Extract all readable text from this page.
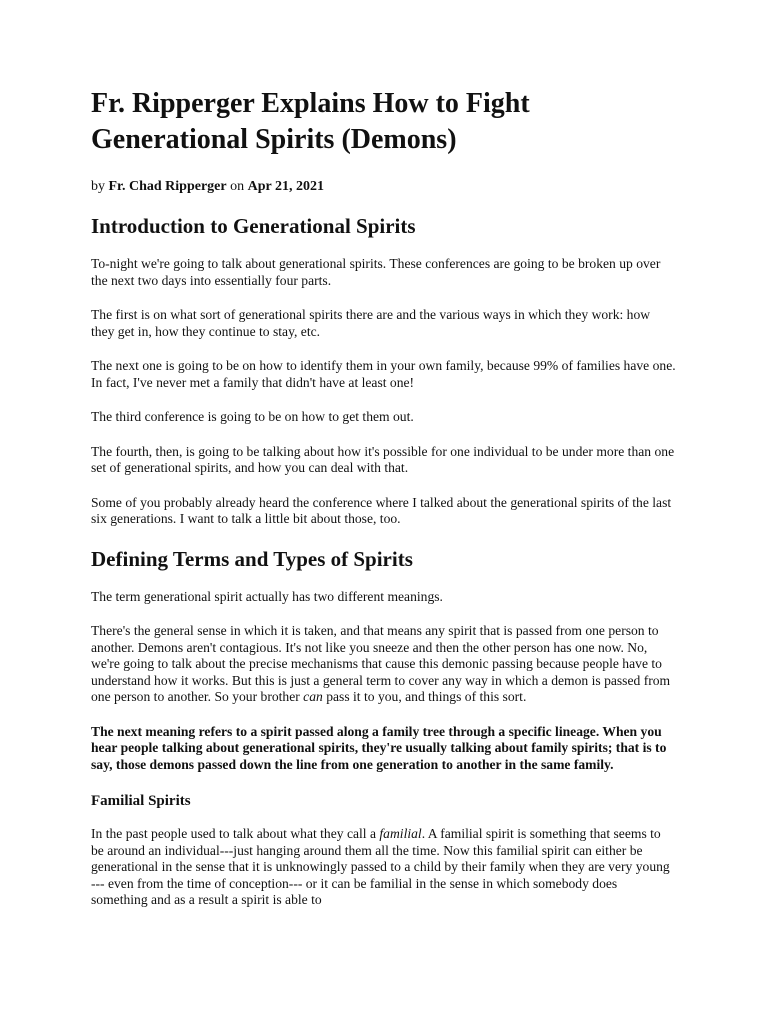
Fr. Ripperger Explains How to Fight Generational Spirits (Demons)
by Fr. Chad Ripperger on Apr 21, 2021
Introduction to Generational Spirits

To-night we're going to talk about generational spirits. These conferences are going to be broken up over the next two days into essentially four parts.

The first is on what sort of generational spirits there are and the various ways in which they work: how they get in, how they continue to stay, etc.

The next one is going to be on how to identify them in your own family, because 99% of families have one. In fact, I've never met a family that didn't have at least one!

The third conference is going to be on how to get them out.

The fourth, then, is going to be talking about how it's possible for one individual to be under more than one set of generational spirits, and how you can deal with that.

Some of you probably already heard the conference where I talked about the generational spirits of the last six generations. I want to talk a little bit about those, too.

Defining Terms and Types of Spirits

The term generational spirit actually has two different meanings.

There's the general sense in which it is taken, and that means any spirit that is passed from one person to another. Demons aren't contagious. It's not like you sneeze and then the other person has one now. No, we're going to talk about the precise mechanisms that cause this demonic passing because people have to understand how it works. But this is just a general term to cover any way in which a demon is passed from one person to another. So your brother can pass it to you, and things of this sort.

The next meaning refers to a spirit passed along a family tree through a specific lineage. When you hear people talking about generational spirits, they're usually talking about family spirits; that is to say, those demons passed down the line from one generation to another in the same family.

Familial Spirits

In the past people used to talk about what they call a familial. A familial spirit is something that seems to be around an individual---just hanging around them all the time. Now this familial spirit can either be generational in the sense that it is unknowingly passed to a child by their family when they are very young --- even from the time of conception--- or it can be familial in the sense in which somebody does something and as a result a spirit is able to
